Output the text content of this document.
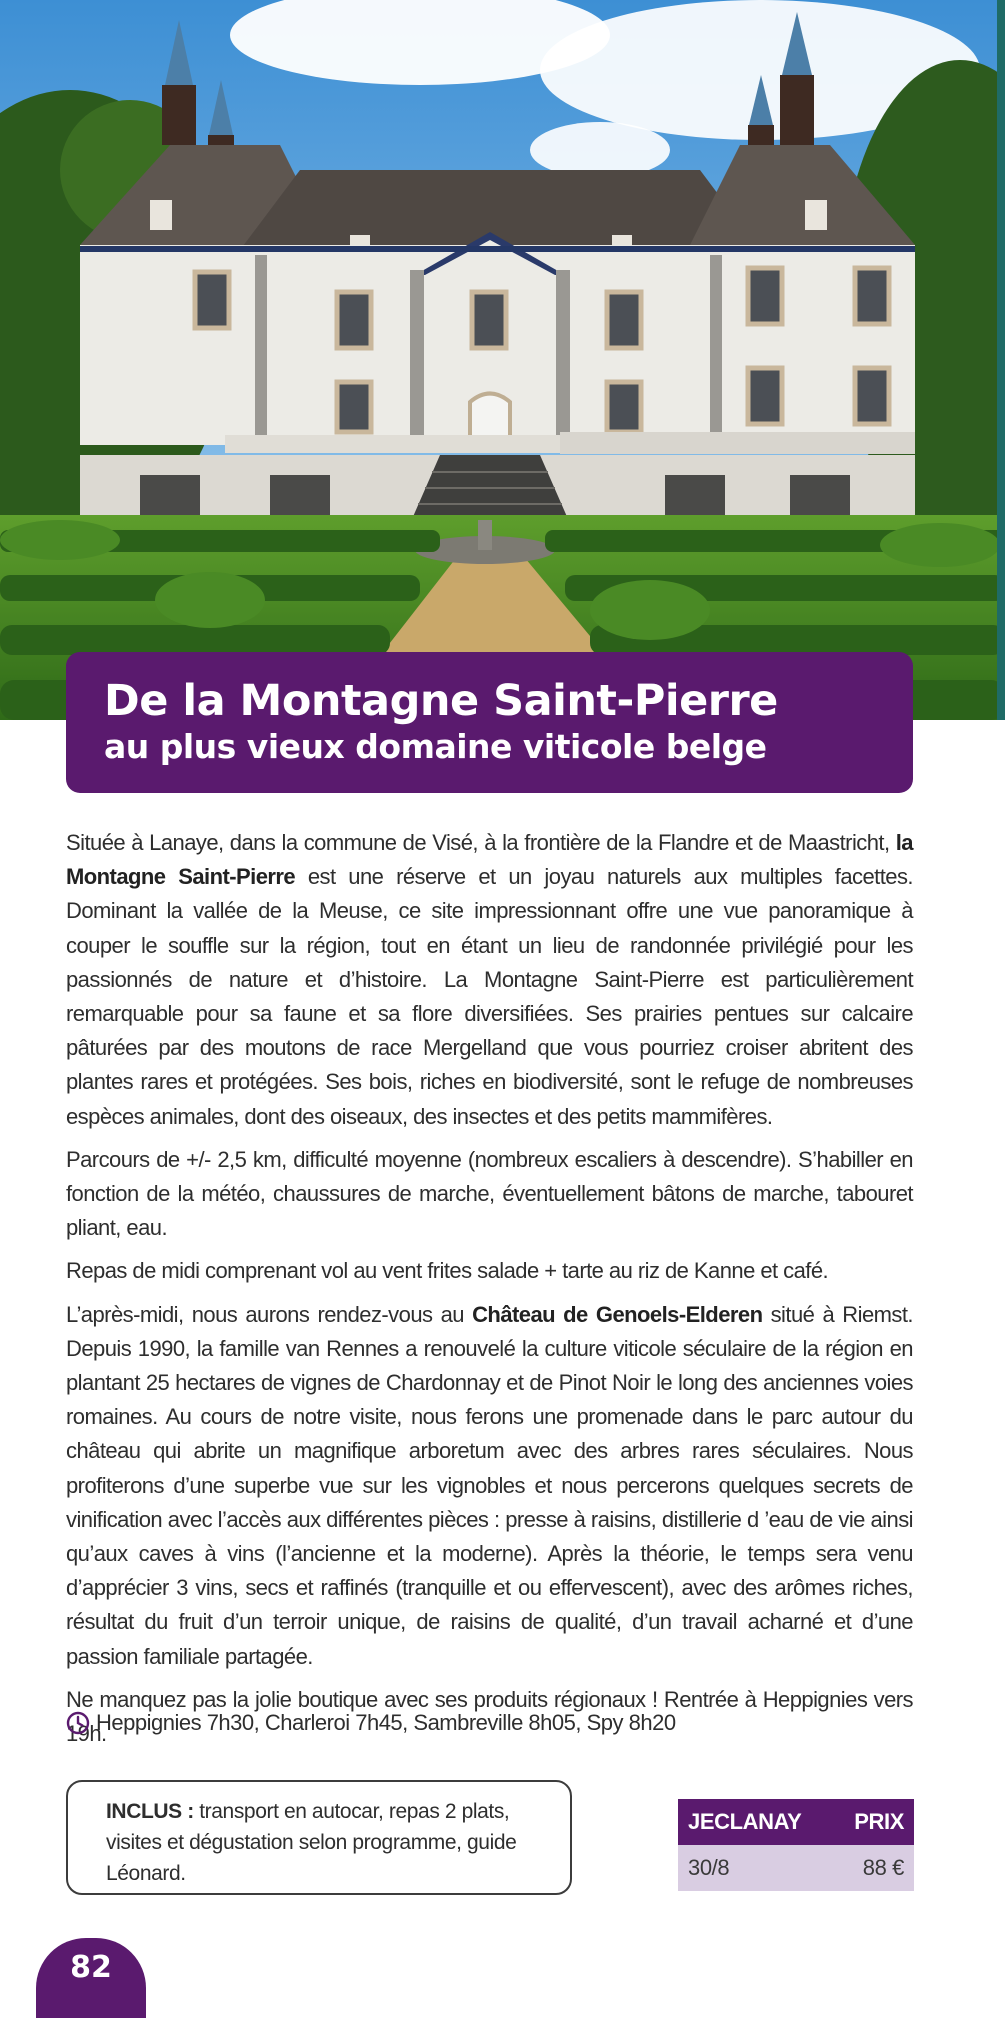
De la Montagne Saint-Pierre
au plus vieux domaine viticole belge

Située à Lanaye, dans la commune de Visé, à la frontière de la Flandre et de Maastricht, la Montagne Saint-Pierre est une réserve et un joyau naturels aux multiples facettes. Dominant la vallée de la Meuse, ce site impressionnant offre une vue panoramique à couper le souffle sur la région, tout en étant un lieu de randonnée privilégié pour les passionnés de nature et d’histoire. La Montagne Saint-Pierre est particulièrement remarquable pour sa faune et sa flore diversifiées. Ses prairies pentues sur calcaire pâturées par des moutons de race Mergelland que vous pourriez croiser abritent des plantes rares et protégées. Ses bois, riches en biodiversité, sont le refuge de nombreuses espèces animales, dont des oiseaux, des insectes et des petits mammifères.

Parcours de +/- 2,5 km, difficulté moyenne (nombreux escaliers à descendre). S’habiller en fonction de la météo, chaussures de marche, éventuellement bâtons de marche, tabouret pliant, eau.

Repas de midi comprenant vol au vent frites salade + tarte au riz de Kanne et café.

L’après-midi, nous aurons rendez-vous au Château de Genoels-Elderen situé à Riemst. Depuis 1990, la famille van Rennes a renouvelé la culture viticole séculaire de la région en plantant 25 hectares de vignes de Chardonnay et de Pinot Noir le long des anciennes voies romaines. Au cours de notre visite, nous ferons une promenade dans le parc autour du château qui abrite un magnifique arboretum avec des arbres rares séculaires. Nous profiterons d’une superbe vue sur les vignobles et nous percerons quelques secrets de vinification avec l’accès aux différentes pièces : presse à raisins, distillerie d ’eau de vie ainsi qu’aux caves à vins (l’ancienne et la moderne). Après la théorie, le temps sera venu d’apprécier 3 vins, secs et raffinés (tranquille et ou effervescent), avec des arômes riches, résultat du fruit d’un terroir unique, de raisins de qualité, d’un travail acharné et d’une passion familiale partagée.

Ne manquez pas la jolie boutique avec ses produits régionaux ! Rentrée à Heppignies vers 19h.

Heppignies 7h30, Charleroi 7h45, Sambreville 8h05, Spy 8h20
INCLUS : transport en autocar, repas 2 plats, visites et dégustation selon programme, guide Léonard.
JECLANAY	PRIX
30/8	88 €
82
